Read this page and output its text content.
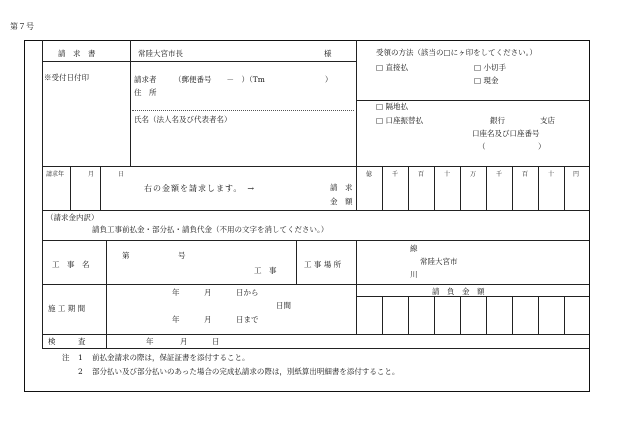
第７号
請　求　書	常陸大宮市長	様
※受付日付印	請求者 （郵便番号　　－　）（Tm　　　　　　　　）
住　所
氏名（法人名及び代表者名）
受領の方法（該当の□にヶ印をしてください。）
□ 直接払	□ 小切手
□ 現金
□ 隔地払
□ 口座振替払	銀行	支店
口座名及び口座番号
（	）
請求年	月	日
右の金額を請求します。　→	請　求
金　額
億	千	百	十	万	千	百	十	円
（請求金内訳）
請負工事前払金・部分払・請負代金（不用の文字を消してください。）
工　事　名
第	号
工　事
工 事 場 所
線
常陸大宮市
川
施 工 期 間
年	月	日から
日間
年	月	日まで
請　負　金　額
検　　　査	年	月	日
注 1 前払金請求の際は，保証証書を添付すること。
2 部分払い及び部分払いのあった場合の完成払請求の際は，別紙算出明細書を添付すること。
